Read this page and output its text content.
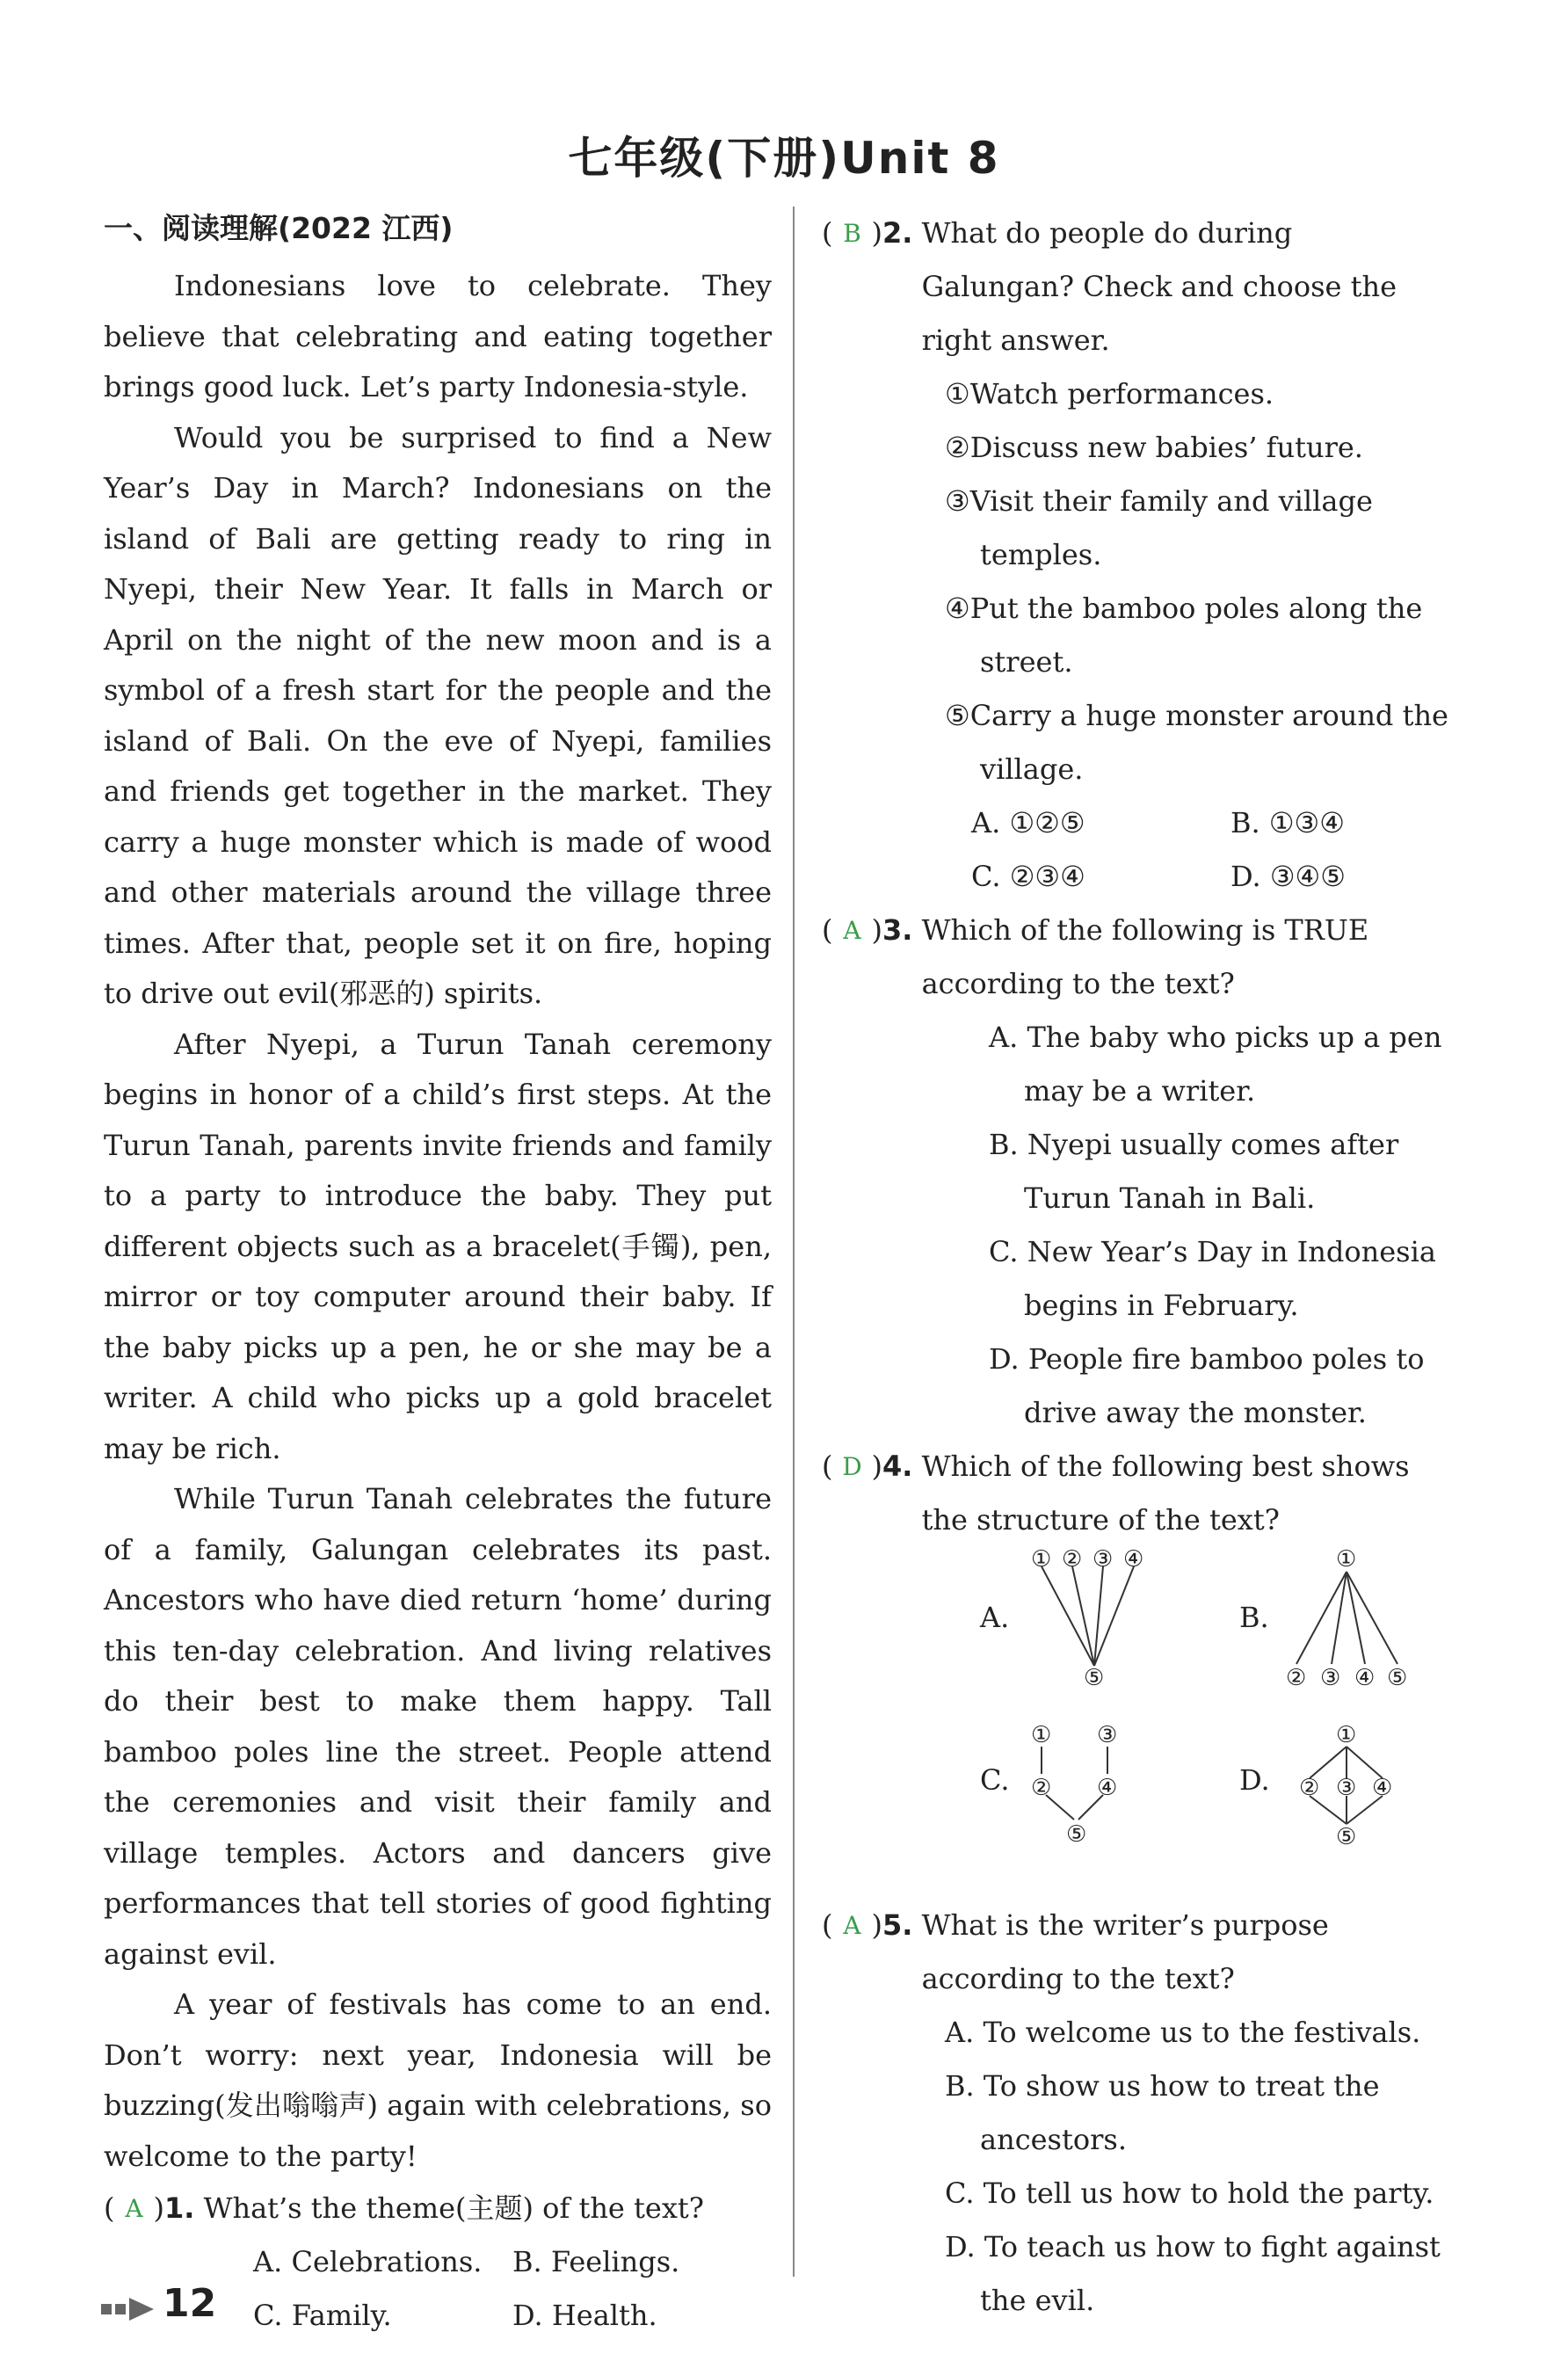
七年级(下册)Unit 8
一、阅读理解(2022 江西)

Indonesians love to celebrate. They believe that celebrating and eating together brings good luck. Let’s party Indonesia-style.

Would you be surprised to find a New Year’s Day in March? Indonesians on the island of Bali are getting ready to ring in Nyepi, their New Year. It falls in March or April on the night of the new moon and is a symbol of a fresh start for the people and the island of Bali. On the eve of Nyepi, families and friends get together in the market. They carry a huge monster which is made of wood and other materials around the village three times. After that, people set it on fire, hoping to drive out evil(邪恶的) spirits.

After Nyepi, a Turun Tanah ceremony begins in honor of a child’s first steps. At the Turun Tanah, parents invite friends and family to a party to introduce the baby. They put different objects such as a bracelet(手镯), pen, mirror or toy computer around their baby. If the baby picks up a pen, he or she may be a writer. A child who picks up a gold bracelet may be rich.

While Turun Tanah celebrates the future of a family, Galungan celebrates its past. Ancestors who have died return ‘home’ during this ten-day celebration. And living relatives do their best to make them happy. Tall bamboo poles line the street. People attend the ceremonies and visit their family and village temples. Actors and dancers give performances that tell stories of good fighting against evil.

A year of festivals has come to an end. Don’t worry: next year, Indonesia will be buzzing(发出嗡嗡声) again with celebrations, so welcome to the party!

( A ) 1.
What’s the theme(主题) of the text?
A. Celebrations.	B. Feelings.
C. Family.	D. Health.
( B ) 2.
What do people do during Galungan? Check and choose the right answer.
①Watch performances.
②Discuss new babies’ future.
③Visit their family and village temples.
④Put the bamboo poles along the street.
⑤Carry a huge monster around the village.
A. ①②⑤	B. ①③④
C. ②③④	D. ③④⑤
( A ) 3.
Which of the following is TRUE according to the text?
A. The baby who picks up a pen may be a writer.
B. Nyepi usually comes after Turun Tanah in Bali.
C. New Year’s Day in Indonesia begins in February.
D. People fire bamboo poles to drive away the monster.
( D ) 4.
Which of the following best shows the structure of the text?
A.	B.
C.	D.
① ② ③ ④
⑤
①
② ③ ④ ⑤
① ③
② ④
⑤
①
② ③ ④
⑤
( A ) 5.
What is the writer’s purpose according to the text?
A. To welcome us to the festivals.
B. To show us how to treat the ancestors.
C. To tell us how to hold the party.
D. To teach us how to fight against the evil.
12
